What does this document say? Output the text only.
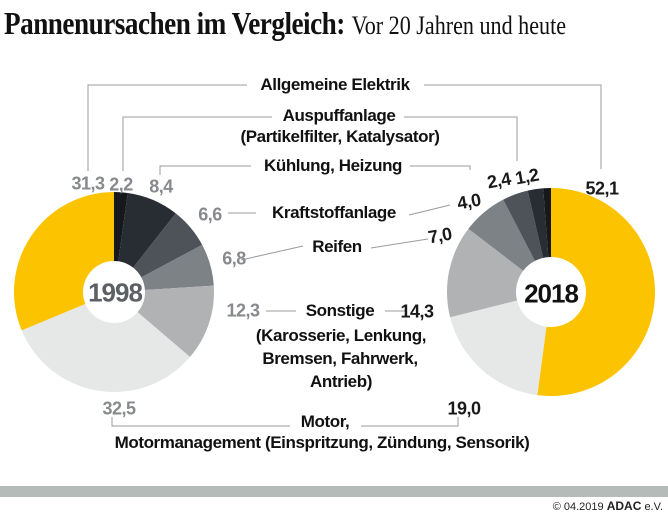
Pannenursachen im Vergleich: Vor 20 Jahren und heute
Allgemeine Elektrik
Auspuffanlage
(Partikelfilter, Katalysator)
Kühlung, Heizung
Kraftstoffanlage
Reifen
Sonstige
(Karosserie, Lenkung,
Bremsen, Fahrwerk,
Antrieb)
Motor,
Motormanagement (Einspritzung, Zündung, Sensorik)
31,3 2,2 8,4
6,6
6,8
12,3
32,5
52,1
1,2
2,4
4,0
7,0
14,3
19,0
1998	2018
© 04.2019 ADAC e.V.
